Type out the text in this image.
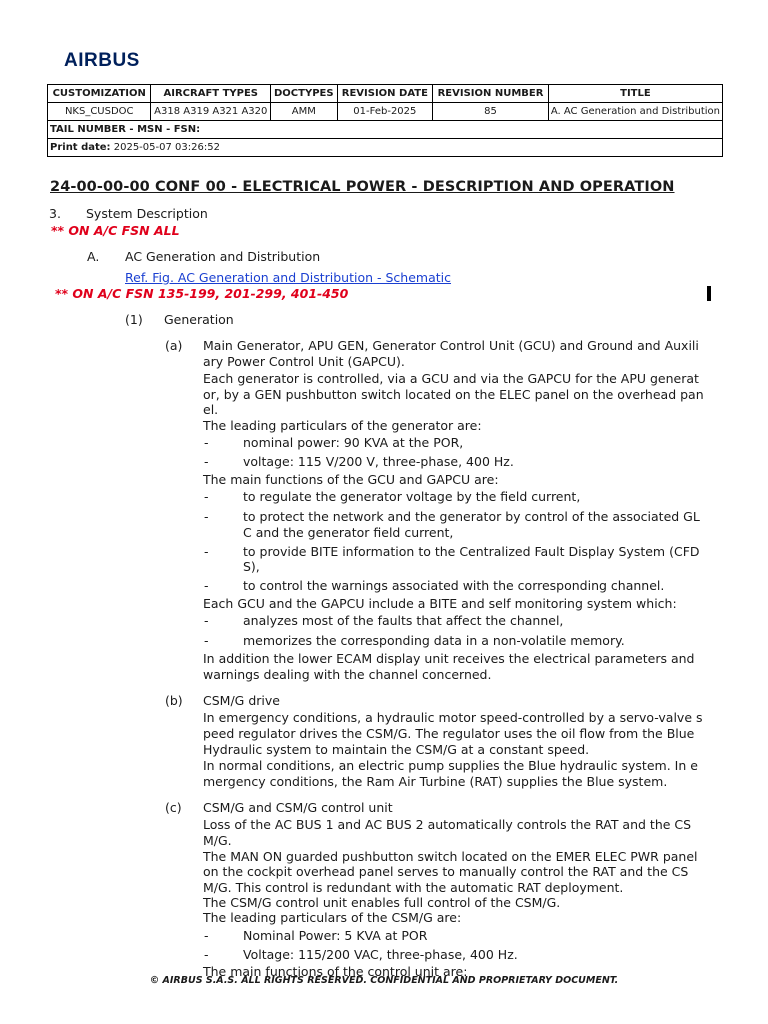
AIRBUS
CUSTOMIZATION	AIRCRAFT TYPES	DOCTYPES	REVISION DATE	REVISION NUMBER	TITLE
NKS_CUSDOC	A318 A319 A321 A320	AMM	01-Feb-2025	85	A. AC Generation and Distribution
TAIL NUMBER - MSN - FSN:					
Print date: 2025-05-07 03:26:52					
24-00-00-00 CONF 00 - ELECTRICAL POWER - DESCRIPTION AND OPERATION
3. System Description
** ON A/C FSN ALL
A. AC Generation and Distribution
Ref. Fig. AC Generation and Distribution - Schematic
** ON A/C FSN 135-199, 201-299, 401-450
(1) Generation
(a) Main Generator, APU GEN, Generator Control Unit (GCU) and Ground and Auxili
ary Power Control Unit (GAPCU).
Each generator is controlled, via a GCU and via the GAPCU for the APU generat
or, by a GEN pushbutton switch located on the ELEC panel on the overhead pan
el.
The leading particulars of the generator are:
-	nominal power: 90 KVA at the POR,
-	voltage: 115 V/200 V, three-phase, 400 Hz.
The main functions of the GCU and GAPCU are:
-	to regulate the generator voltage by the field current,
-	to protect the network and the generator by control of the associated GL
C and the generator field current,
-	to provide BITE information to the Centralized Fault Display System (CFD
S),
-	to control the warnings associated with the corresponding channel.
Each GCU and the GAPCU include a BITE and self monitoring system which:
-	analyzes most of the faults that affect the channel,
-	memorizes the corresponding data in a non-volatile memory.
In addition the lower ECAM display unit receives the electrical parameters and
warnings dealing with the channel concerned.
(b) CSM/G drive
In emergency conditions, a hydraulic motor speed-controlled by a servo-valve s
peed regulator drives the CSM/G. The regulator uses the oil flow from the Blue
Hydraulic system to maintain the CSM/G at a constant speed.
In normal conditions, an electric pump supplies the Blue hydraulic system. In e
mergency conditions, the Ram Air Turbine (RAT) supplies the Blue system.
(c) CSM/G and CSM/G control unit
Loss of the AC BUS 1 and AC BUS 2 automatically controls the RAT and the CS
M/G.
The MAN ON guarded pushbutton switch located on the EMER ELEC PWR panel
on the cockpit overhead panel serves to manually control the RAT and the CS
M/G. This control is redundant with the automatic RAT deployment.
The CSM/G control unit enables full control of the CSM/G.
The leading particulars of the CSM/G are:
-	Nominal Power: 5 KVA at POR
-	Voltage: 115/200 VAC, three-phase, 400 Hz.
The main functions of the control unit are:
© AIRBUS S.A.S. ALL RIGHTS RESERVED. CONFIDENTIAL AND PROPRIETARY DOCUMENT.
